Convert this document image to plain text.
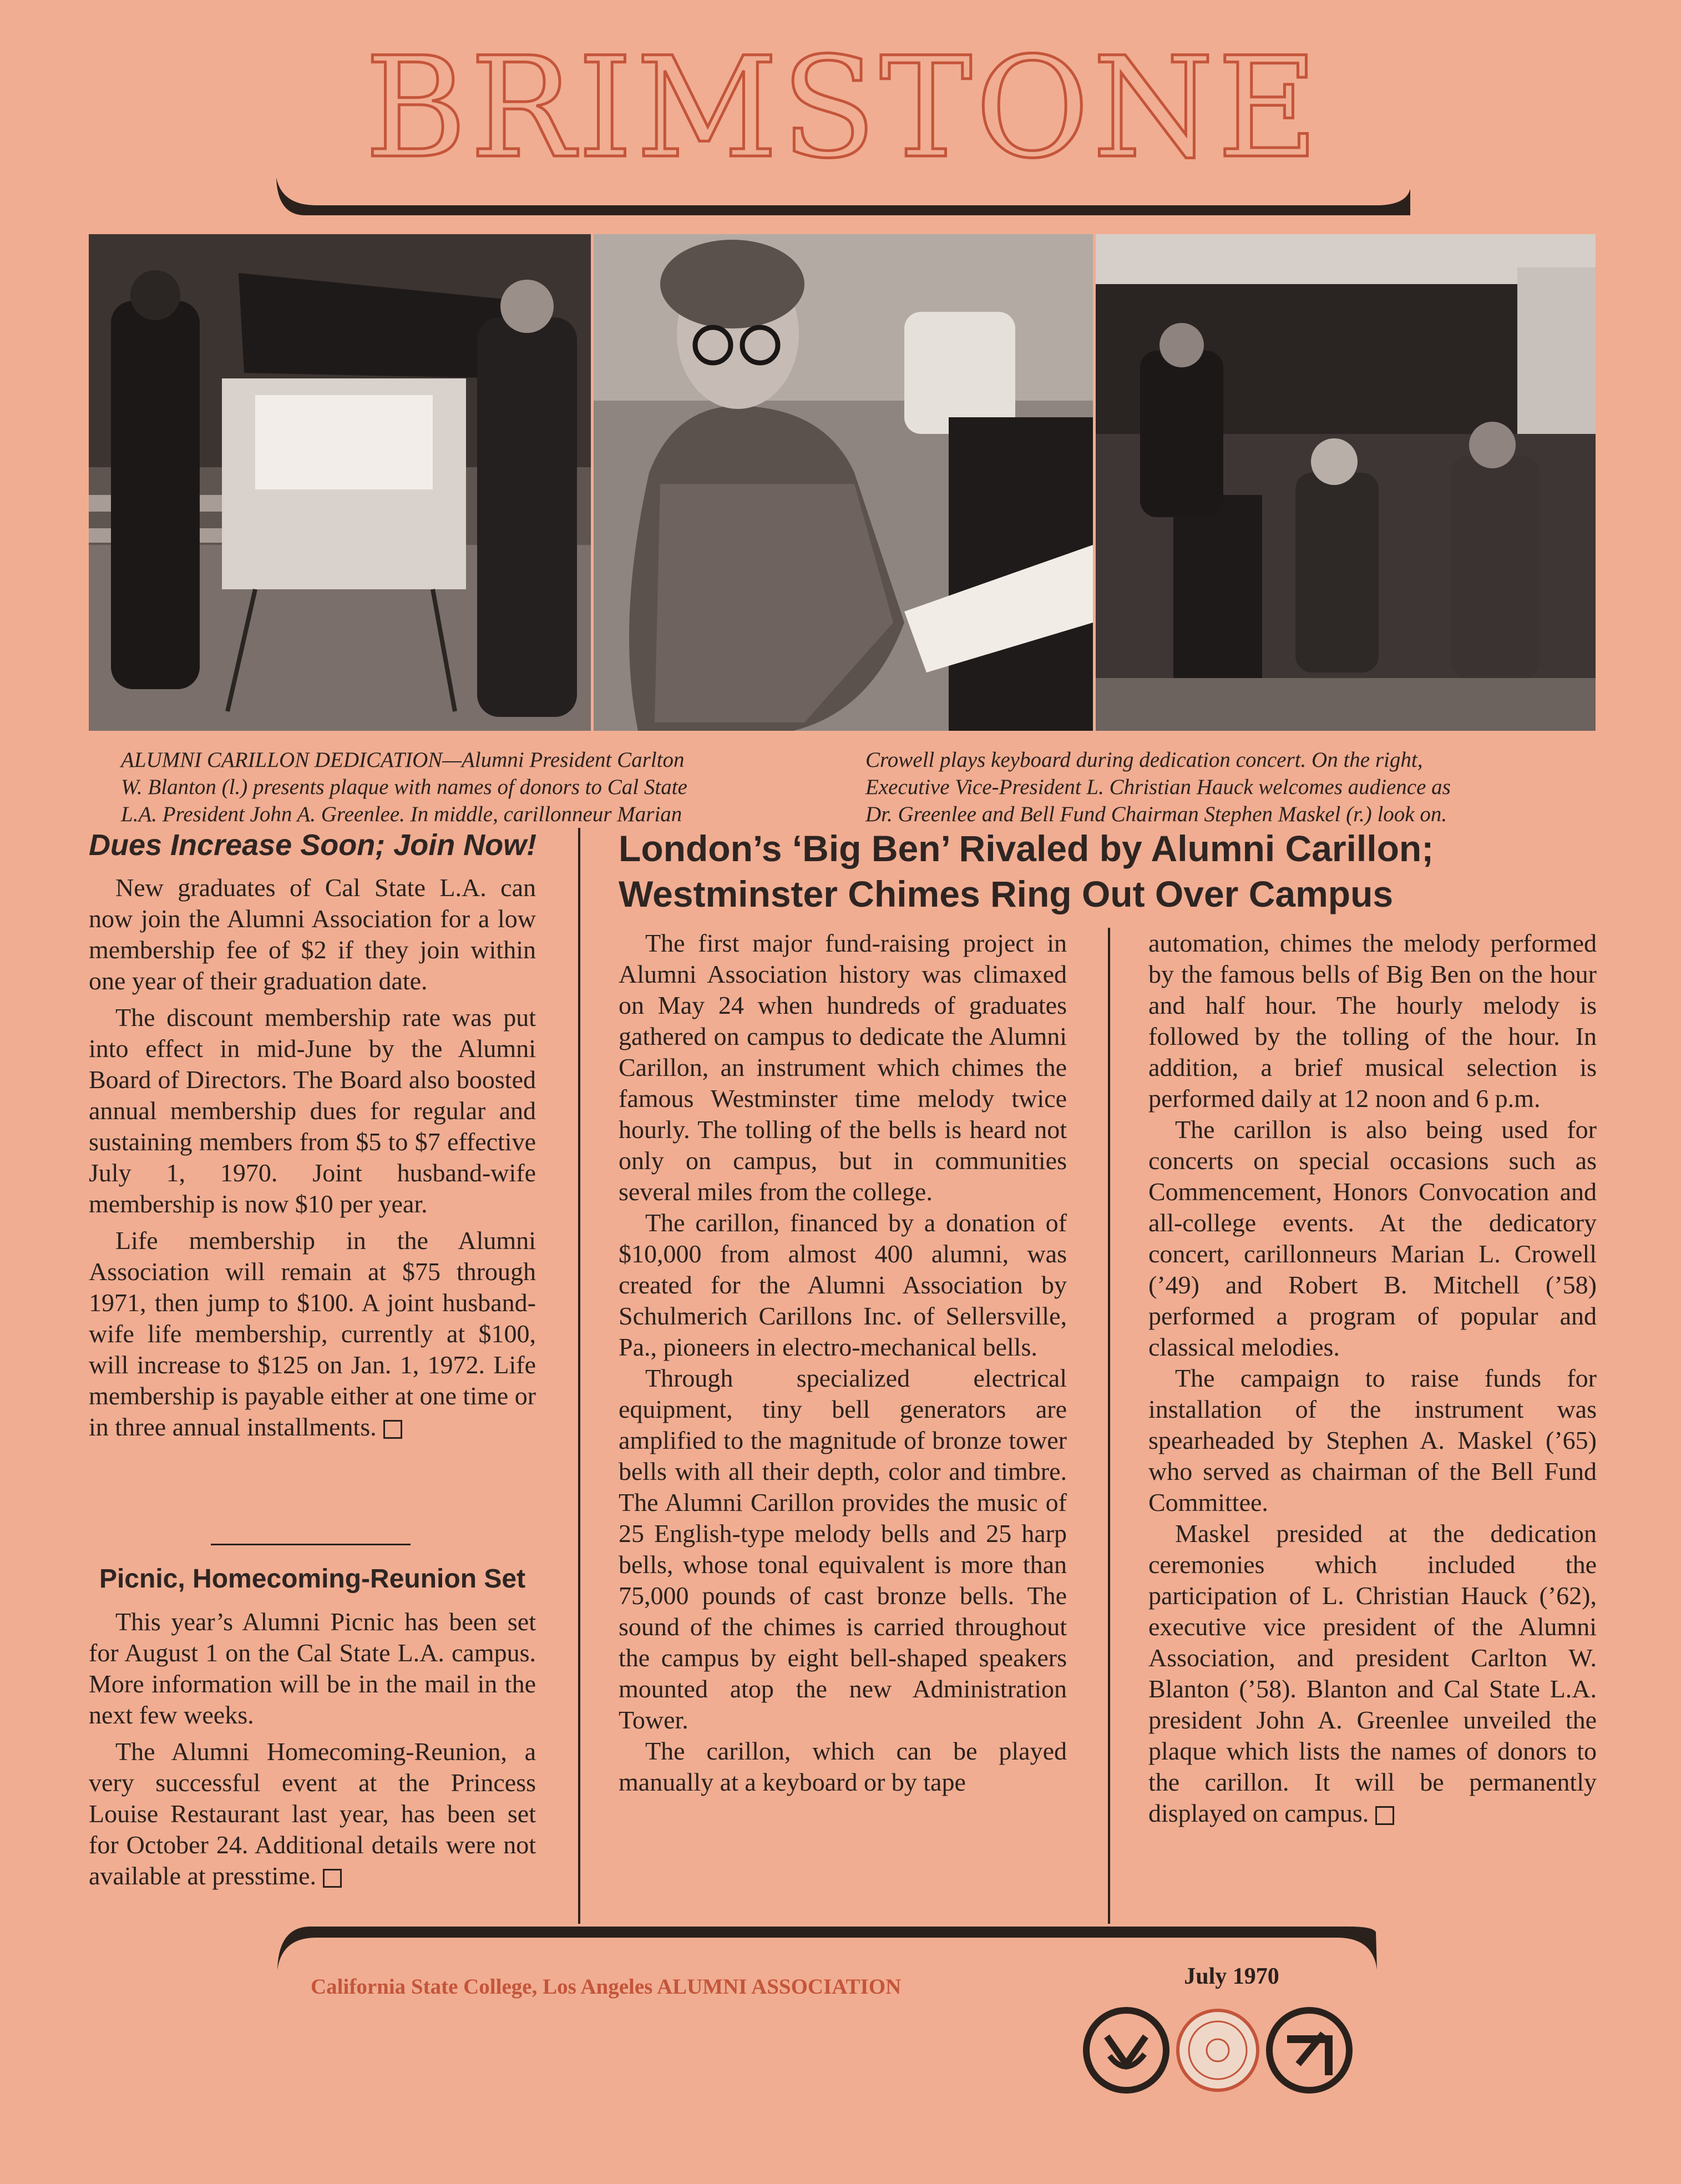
BRIMSTONE
ALUMNI CARILLON DEDICATION—Alumni President Carlton
W. Blanton (l.) presents plaque with names of donors to Cal State
L.A. President John A. Greenlee. In middle, carillonneur Marian
Crowell plays keyboard during dedication concert. On the right,
Executive Vice-President L. Christian Hauck welcomes audience as
Dr. Greenlee and Bell Fund Chairman Stephen Maskel (r.) look on.
Dues Increase Soon; Join Now!

New graduates of Cal State L.A. can now join the Alumni Association for a low membership fee of $2 if they join within one year of their graduation date.

The discount membership rate was put into effect in mid-June by the Alumni Board of Directors. The Board also boosted annual membership dues for regular and sustaining members from $5 to $7 effective July 1, 1970. Joint husband-wife membership is now $10 per year.

Life membership in the Alumni Association will remain at $75 through 1971, then jump to $100. A joint husband-wife life membership, currently at $100, will increase to $125 on Jan. 1, 1972. Life membership is payable either at one time or in three annual installments.

Picnic, Homecoming-Reunion Set

This year’s Alumni Picnic has been set for August 1 on the Cal State L.A. campus. More information will be in the mail in the next few weeks.

The Alumni Homecoming-Reunion, a very successful event at the Princess Louise Restaurant last year, has been set for October 24. Additional details were not available at presstime.

London’s ‘Big Ben’ Rivaled by Alumni Carillon;
Westminster Chimes Ring Out Over Campus

The first major fund-raising project in Alumni Association history was climaxed on May 24 when hundreds of graduates gathered on campus to dedicate the Alumni Carillon, an instrument which chimes the famous Westminster time melody twice hourly. The tolling of the bells is heard not only on campus, but in communities several miles from the college.

The carillon, financed by a donation of $10,000 from almost 400 alumni, was created for the Alumni Association by Schulmerich Carillons Inc. of Sellersville, Pa., pioneers in electro-mechanical bells.

Through specialized electrical equipment, tiny bell generators are amplified to the magnitude of bronze tower bells with all their depth, color and timbre. The Alumni Carillon provides the music of 25 English-type melody bells and 25 harp bells, whose tonal equivalent is more than 75,000 pounds of cast bronze bells. The sound of the chimes is carried throughout the campus by eight bell-shaped speakers mounted atop the new Administration Tower.

The carillon, which can be played manually at a keyboard or by tape

automation, chimes the melody performed by the famous bells of Big Ben on the hour and half hour. The hourly melody is followed by the tolling of the hour. In addition, a brief musical selection is performed daily at 12 noon and 6 p.m.

The carillon is also being used for concerts on special occasions such as Commencement, Honors Convocation and all-college events. At the dedicatory concert, carillonneurs Marian L. Crowell (’49) and Robert B. Mitchell (’58) performed a program of popular and classical melodies.

The campaign to raise funds for installation of the instrument was spearheaded by Stephen A. Maskel (’65) who served as chairman of the Bell Fund Committee.

Maskel presided at the dedication ceremonies which included the participation of L. Christian Hauck (’62), executive vice president of the Alumni Association, and president Carlton W. Blanton (’58). Blanton and Cal State L.A. president John A. Greenlee unveiled the plaque which lists the names of donors to the carillon. It will be permanently displayed on campus.

California State College, Los Angeles ALUMNI ASSOCIATION	July 1970
